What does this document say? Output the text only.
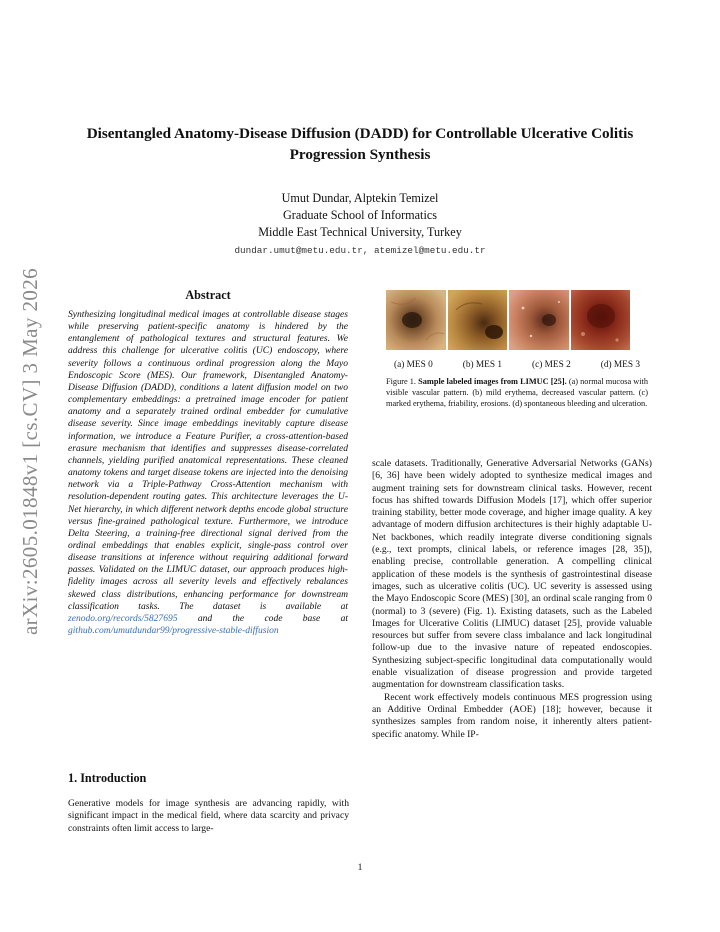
arXiv:2605.01848v1 [cs.CV] 3 May 2026
Disentangled Anatomy-Disease Diffusion (DADD) for Controllable Ulcerative Colitis Progression Synthesis
Umut Dundar, Alptekin Temizel
Graduate School of Informatics
Middle East Technical University, Turkey
dundar.umut@metu.edu.tr, atemizel@metu.edu.tr
Abstract

Synthesizing longitudinal medical images at controllable disease stages while preserving patient-specific anatomy is hindered by the entanglement of pathological textures and structural features. We address this challenge for ulcerative colitis (UC) endoscopy, where severity follows a continuous ordinal progression along the Mayo Endoscopic Score (MES). Our framework, Disentangled Anatomy-Disease Diffusion (DADD), conditions a latent diffusion model on two complementary embeddings: a pretrained image encoder for patient anatomy and a separately trained ordinal embedder for cumulative disease severity. Since image embeddings inevitably capture disease information, we introduce a Feature Purifier, a cross-attention-based erasure mechanism that identifies and suppresses disease-correlated channels, yielding purified anatomical representations. These cleaned anatomy tokens and target disease tokens are injected into the denoising network via a Triple-Pathway Cross-Attention mechanism with resolution-dependent routing gates. This architecture leverages the U-Net hierarchy, in which different network depths encode global structure versus fine-grained pathological texture. Furthermore, we introduce Delta Steering, a training-free directional signal derived from the ordinal embeddings that enables explicit, single-pass control over disease transitions at inference without requiring additional forward passes. Validated on the LIMUC dataset, our approach produces high-fidelity images across all severity levels and effectively rebalances skewed class distributions, enhancing performance for downstream classification tasks. The dataset is available at zenodo.org/records/5827695 and the code base at github.com/umutdundar99/progressive-stable-diffusion

1. Introduction

Generative models for image synthesis are advancing rapidly, with significant impact in the medical field, where data scarcity and privacy constraints often limit access to large-

(a) MES 0	(b) MES 1	(c) MES 2	(d) MES 3

Figure 1. Sample labeled images from LIMUC [25]. (a) normal mucosa with visible vascular pattern. (b) mild erythema, decreased vascular pattern. (c) marked erythema, friability, erosions. (d) spontaneous bleeding and ulceration.

scale datasets. Traditionally, Generative Adversarial Networks (GANs) [6, 36] have been widely adopted to synthesize medical images and augment training sets for downstream clinical tasks. However, recent focus has shifted towards Diffusion Models [17], which offer superior training stability, better mode coverage, and higher image quality. A key advantage of modern diffusion architectures is their highly adaptable U-Net backbones, which readily integrate diverse conditioning signals (e.g., text prompts, clinical labels, or reference images [28, 35]), enabling precise, controllable generation. A compelling clinical application of these models is the synthesis of gastrointestinal disease images, such as ulcerative colitis (UC). UC severity is assessed using the Mayo Endoscopic Score (MES) [30], an ordinal scale ranging from 0 (normal) to 3 (severe) (Fig. 1). Existing datasets, such as the Labeled Images for Ulcerative Colitis (LIMUC) dataset [25], provide valuable resources but suffer from severe class imbalance and lack longitudinal follow-up due to the invasive nature of repeated endoscopies. Synthesizing subject-specific longitudinal data computationally would enable visualization of disease progression and provide targeted augmentation for downstream classification tasks.

Recent work effectively models continuous MES progression using an Additive Ordinal Embedder (AOE) [18]; however, because it synthesizes samples from random noise, it inherently alters patient-specific anatomy. While IP-

1
